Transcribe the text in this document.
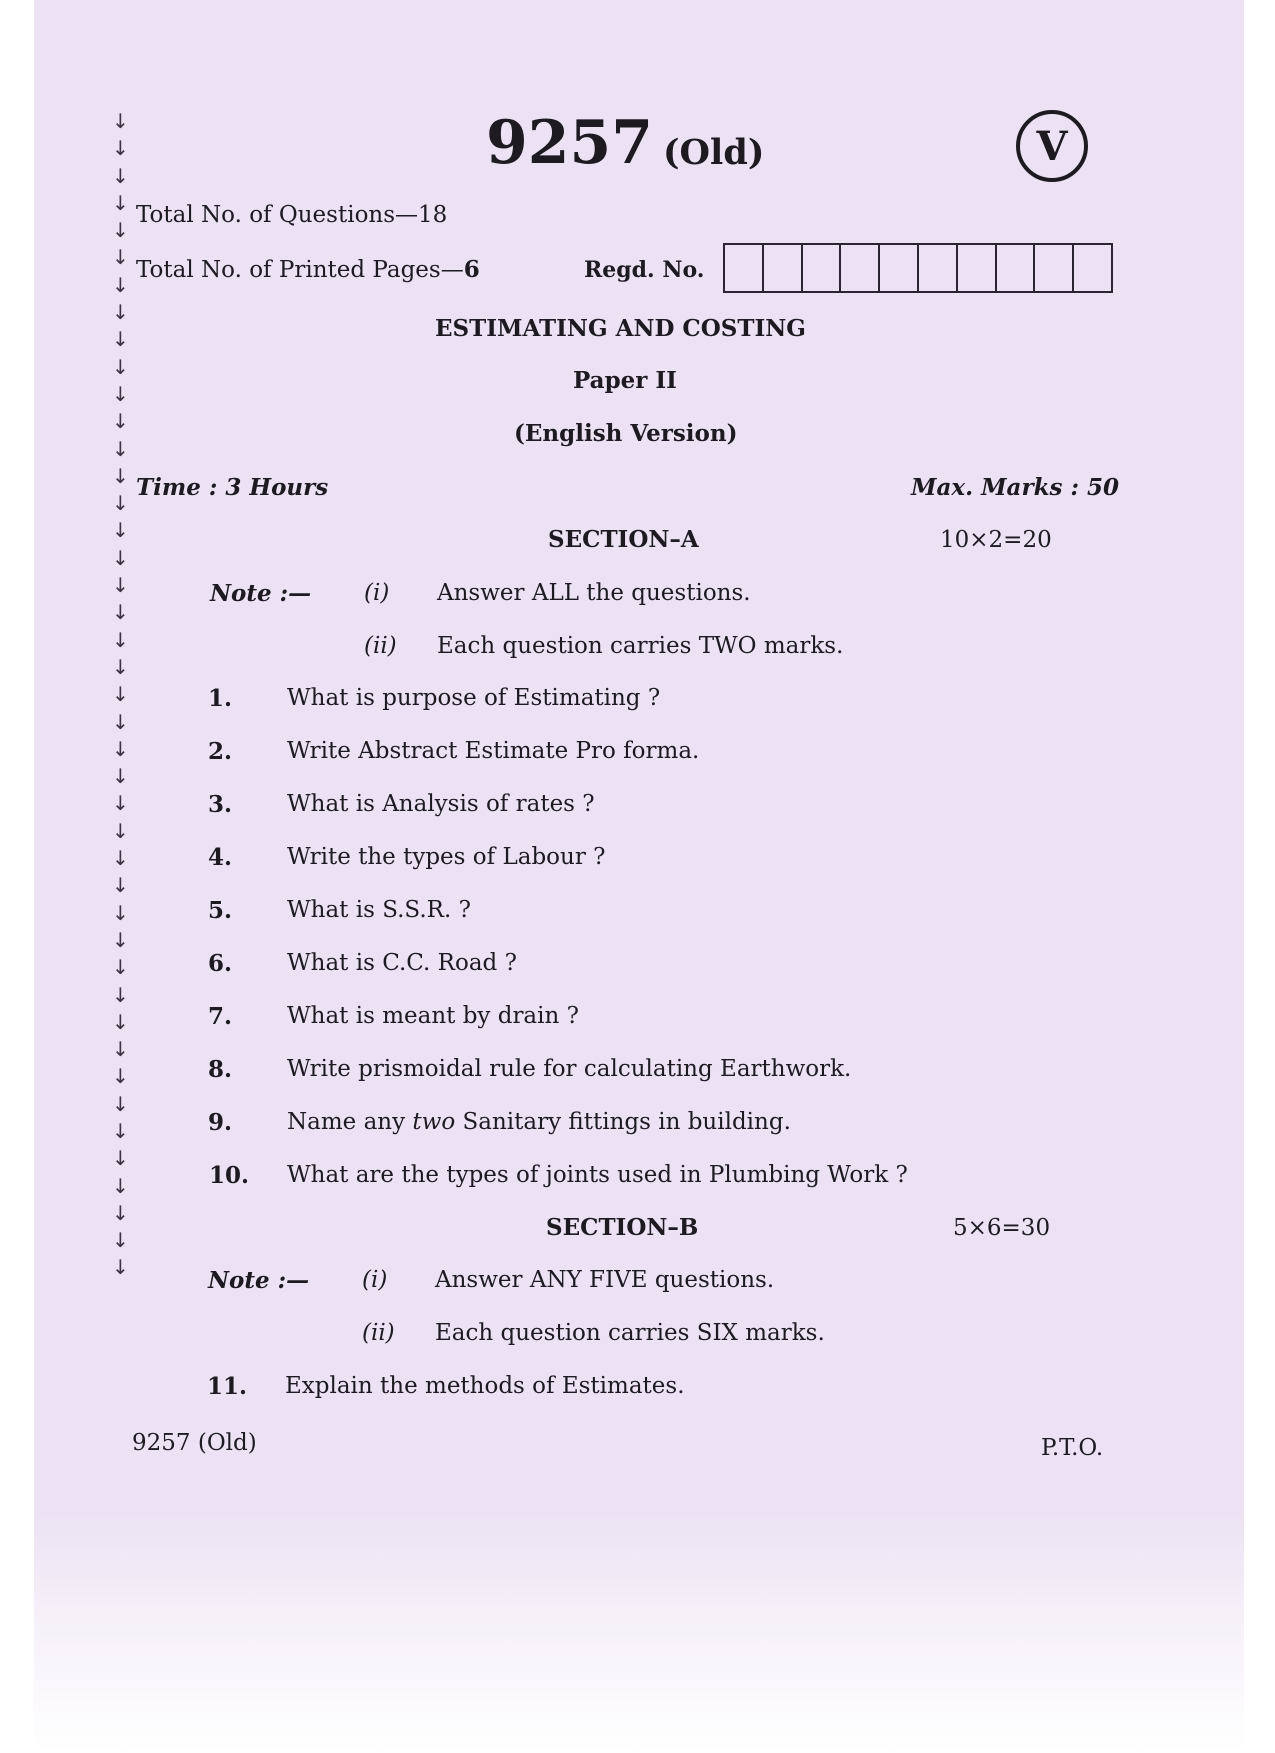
↓
↓
↓
↓
↓
↓
↓
↓
↓
↓
↓
↓
↓
↓
↓
↓
↓
↓
↓
↓
↓
↓
↓
↓
↓
↓
↓
↓
↓
↓
↓
↓
↓
↓
↓
↓
↓
↓
↓
↓
↓
↓
↓
9257 (Old)	V
Total No. of Questions—18
Total No. of Printed Pages—6	Regd. No.
ESTIMATING AND COSTING
Paper II
(English Version)
Time : 3 Hours	Max. Marks : 50
SECTION–A	10×2=20
Note :— (i) Answer ALL the questions.
(ii) Each question carries TWO marks.
1. What is purpose of Estimating ?
2. Write Abstract Estimate Pro forma.
3. What is Analysis of rates ?
4. Write the types of Labour ?
5. What is S.S.R. ?
6. What is C.C. Road ?
7. What is meant by drain ?
8. Write prismoidal rule for calculating Earthwork.
9. Name any two Sanitary fittings in building.
10. What are the types of joints used in Plumbing Work ?
SECTION–B	5×6=30
Note :— (i) Answer ANY FIVE questions.
(ii) Each question carries SIX marks.
11. Explain the methods of Estimates.
9257 (Old)	P.T.O.
